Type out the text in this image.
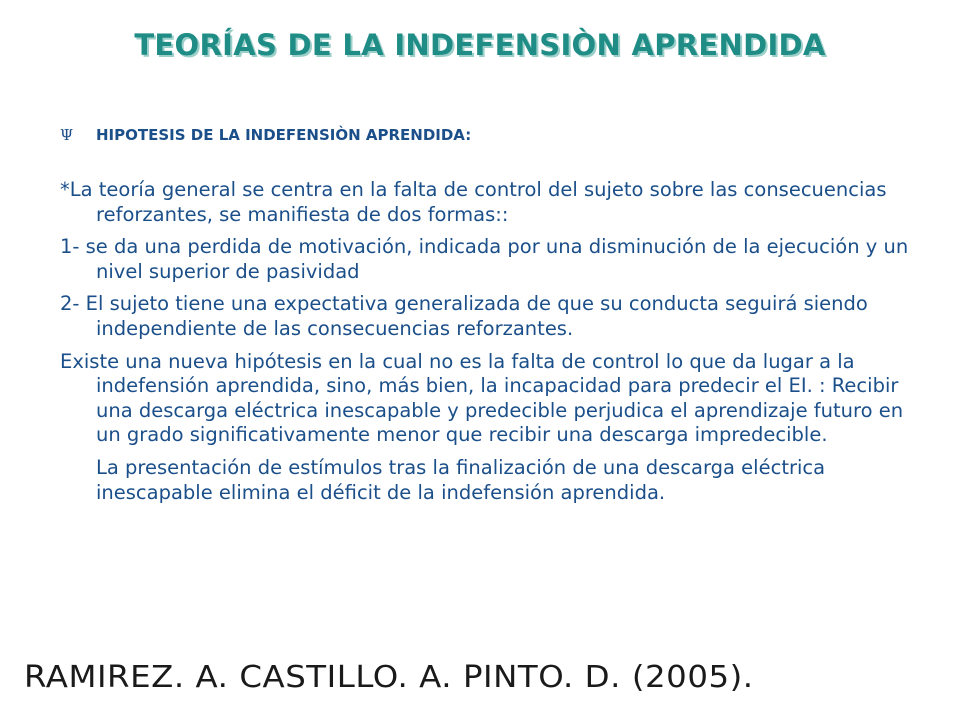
TEORÍAS DE LA INDEFENSIÒN APRENDIDA
Ψ	HIPOTESIS DE LA INDEFENSIÒN APRENDIDA:

*La teoría general se centra en la falta de control del sujeto sobre las consecuencias reforzantes, se manifiesta de dos formas::

1- se da una perdida de motivación, indicada por una disminución de la ejecución y un nivel superior de pasividad

2- El sujeto tiene una expectativa generalizada de que su conducta seguirá siendo independiente de las consecuencias reforzantes.

Existe una nueva hipótesis en la cual no es la falta de control lo que da lugar a la indefensión aprendida, sino, más bien, la incapacidad para predecir el EI. : Recibir una descarga eléctrica inescapable y predecible perjudica el aprendizaje futuro en un grado significativamente menor que recibir una descarga impredecible.

La presentación de estímulos tras la finalización de una descarga eléctrica inescapable elimina el déficit de la indefensión aprendida.

RAMIREZ. A. CASTILLO. A. PINTO. D. (2005).
